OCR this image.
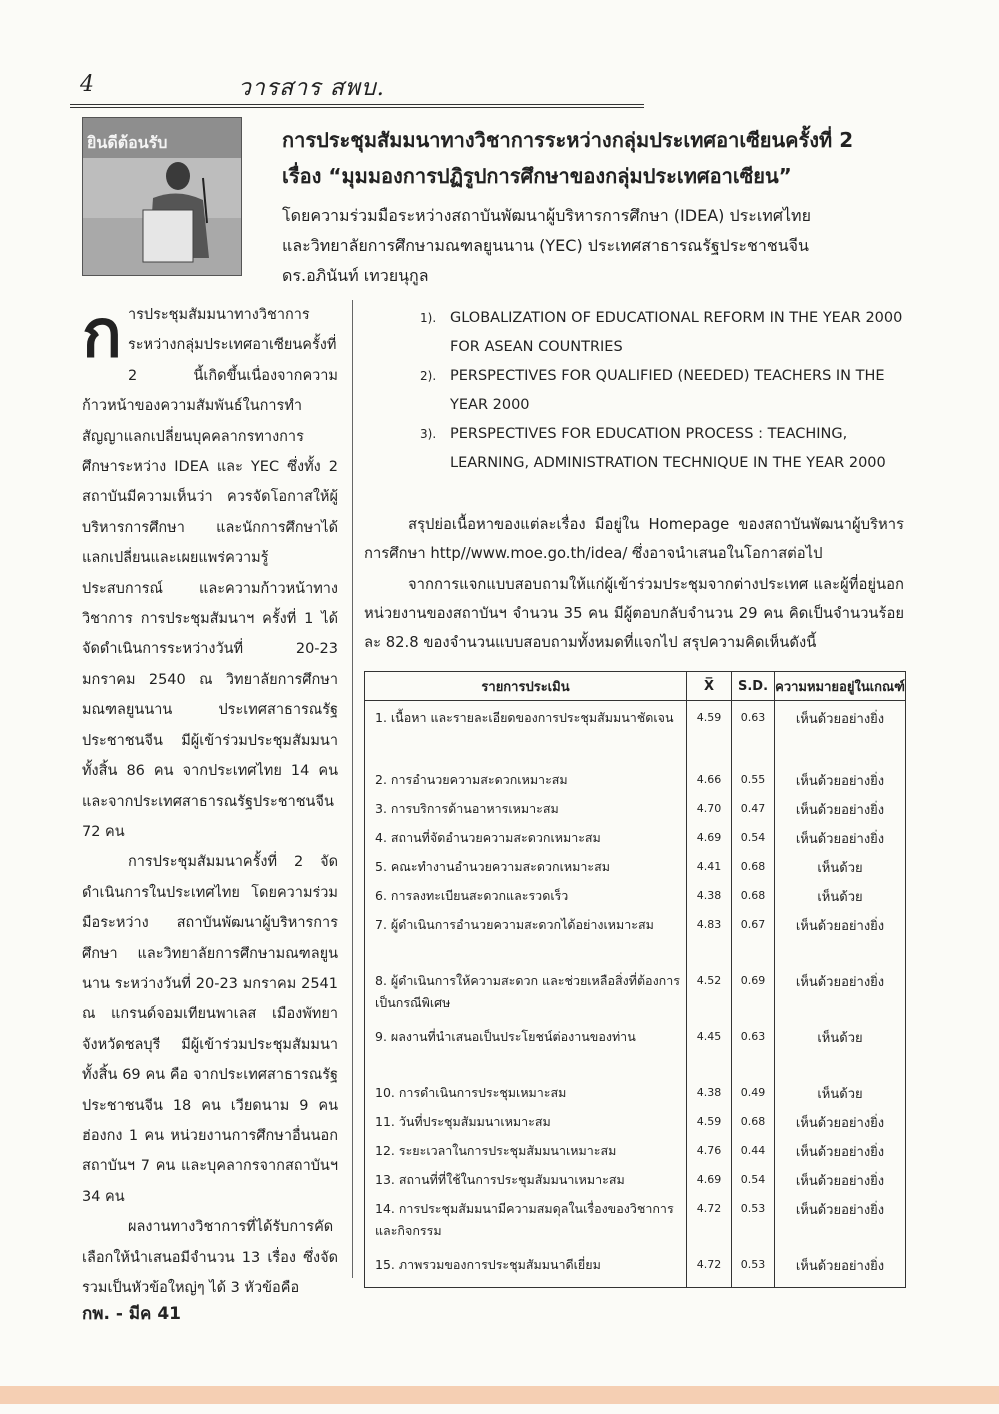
4	วารสาร สพบ.
ยินดีต้อนรับ	การประชุมสัมมนาทางวิชาการระหว่างกลุ่มประเทศอาเซียนครั้งที่ 2
เรื่อง “มุมมองการปฏิรูปการศึกษาของกลุ่มประเทศอาเซียน”
โดยความร่วมมือระหว่างสถาบันพัฒนาผู้บริหารการศึกษา (IDEA) ประเทศไทย
และวิทยาลัยการศึกษามณฑลยูนนาน (YEC) ประเทศสาธารณรัฐประชาชนจีน
ดร.อภินันท์ เทวยนุกูล

การประชุมสัมมนาทางวิชาการระหว่างกลุ่มประเทศอาเซียนครั้งที่ 2 นี้เกิดขึ้นเนื่องจากความก้าวหน้าของความสัมพันธ์ในการทำสัญญาแลกเปลี่ยนบุคคลากรทางการศึกษาระหว่าง IDEA และ YEC ซึ่งทั้ง 2 สถาบันมีความเห็นว่า ควรจัดโอกาสให้ผู้บริหารการศึกษา และนักการศึกษาได้แลกเปลี่ยนและเผยแพร่ความรู้ ประสบการณ์ และความก้าวหน้าทางวิชาการ การประชุมสัมนาฯ ครั้งที่ 1 ได้จัดดำเนินการระหว่างวันที่ 20-23 มกราคม 2540 ณ วิทยาลัยการศึกษามณฑลยูนนาน ประเทศสาธารณรัฐประชาชนจีน มีผู้เข้าร่วมประชุมสัมมนาทั้งสิ้น 86 คน จากประเทศไทย 14 คน และจากประเทศสาธารณรัฐประชาชนจีน 72 คน

การประชุมสัมมนาครั้งที่ 2 จัดดำเนินการในประเทศไทย โดยความร่วมมือระหว่าง สถาบันพัฒนาผู้บริหารการศึกษา และวิทยาลัยการศึกษามณฑลยูนนาน ระหว่างวันที่ 20-23 มกราคม 2541 ณ แกรนด์จอมเทียนพาเลส เมืองพัทยา จังหวัดชลบุรี มีผู้เข้าร่วมประชุมสัมมนาทั้งสิ้น 69 คน คือ จากประเทศสาธารณรัฐประชาชนจีน 18 คน เวียดนาม 9 คน ฮ่องกง 1 คน หน่วยงานการศึกษาอื่นนอกสถาบันฯ 7 คน และบุคลากรจากสถาบันฯ 34 คน

ผลงานทางวิชาการที่ได้รับการคัดเลือกให้นำเสนอมีจำนวน 13 เรื่อง ซึ่งจัดรวมเป็นหัวข้อใหญ่ๆ ได้ 3 หัวข้อคือ

1). GLOBALIZATION OF EDUCATIONAL REFORM IN THE YEAR 2000 FOR ASEAN COUNTRIES
2). PERSPECTIVES FOR QUALIFIED (NEEDED) TEACHERS IN THE YEAR 2000
3). PERSPECTIVES FOR EDUCATION PROCESS : TEACHING, LEARNING, ADMINISTRATION TECHNIQUE IN THE YEAR 2000
สรุปย่อเนื้อหาของแต่ละเรื่อง มีอยู่ใน Homepage ของสถาบันพัฒนาผู้บริหารการศึกษา http//www.moe.go.th/idea/ ซึ่งอาจนำเสนอในโอกาสต่อไป
จากการแจกแบบสอบถามให้แก่ผู้เข้าร่วมประชุมจากต่างประเทศ และผู้ที่อยู่นอกหน่วยงานของสถาบันฯ จำนวน 35 คน มีผู้ตอบกลับจำนวน 29 คน คิดเป็นจำนวนร้อยละ 82.8 ของจำนวนแบบสอบถามทั้งหมดที่แจกไป สรุปความคิดเห็นดังนี้
รายการประเมิน	X̅	S.D.	ความหมายอยู่ในเกณฑ์
1. เนื้อหา และรายละเอียดของการประชุมสัมมนาชัดเจน	4.59	0.63	เห็นด้วยอย่างยิ่ง
2. การอำนวยความสะดวกเหมาะสม	4.66	0.55	เห็นด้วยอย่างยิ่ง
3. การบริการด้านอาหารเหมาะสม	4.70	0.47	เห็นด้วยอย่างยิ่ง
4. สถานที่จัดอำนวยความสะดวกเหมาะสม	4.69	0.54	เห็นด้วยอย่างยิ่ง
5. คณะทำงานอำนวยความสะดวกเหมาะสม	4.41	0.68	เห็นด้วย
6. การลงทะเบียนสะดวกและรวดเร็ว	4.38	0.68	เห็นด้วย
7. ผู้ดำเนินการอำนวยความสะดวกได้อย่างเหมาะสม	4.83	0.67	เห็นด้วยอย่างยิ่ง
8. ผู้ดำเนินการให้ความสะดวก และช่วยเหลือสิ่งที่ต้องการเป็นกรณีพิเศษ	4.52	0.69	เห็นด้วยอย่างยิ่ง
9. ผลงานที่นำเสนอเป็นประโยชน์ต่องานของท่าน	4.45	0.63	เห็นด้วย
10. การดำเนินการประชุมเหมาะสม	4.38	0.49	เห็นด้วย
11. วันที่ประชุมสัมมนาเหมาะสม	4.59	0.68	เห็นด้วยอย่างยิ่ง
12. ระยะเวลาในการประชุมสัมมนาเหมาะสม	4.76	0.44	เห็นด้วยอย่างยิ่ง
13. สถานที่ที่ใช้ในการประชุมสัมมนาเหมาะสม	4.69	0.54	เห็นด้วยอย่างยิ่ง
14. การประชุมสัมมนามีความสมดุลในเรื่องของวิชาการ และกิจกรรม	4.72	0.53	เห็นด้วยอย่างยิ่ง
15. ภาพรวมของการประชุมสัมมนาดีเยี่ยม	4.72	0.53	เห็นด้วยอย่างยิ่ง
กพ. - มีค 41
